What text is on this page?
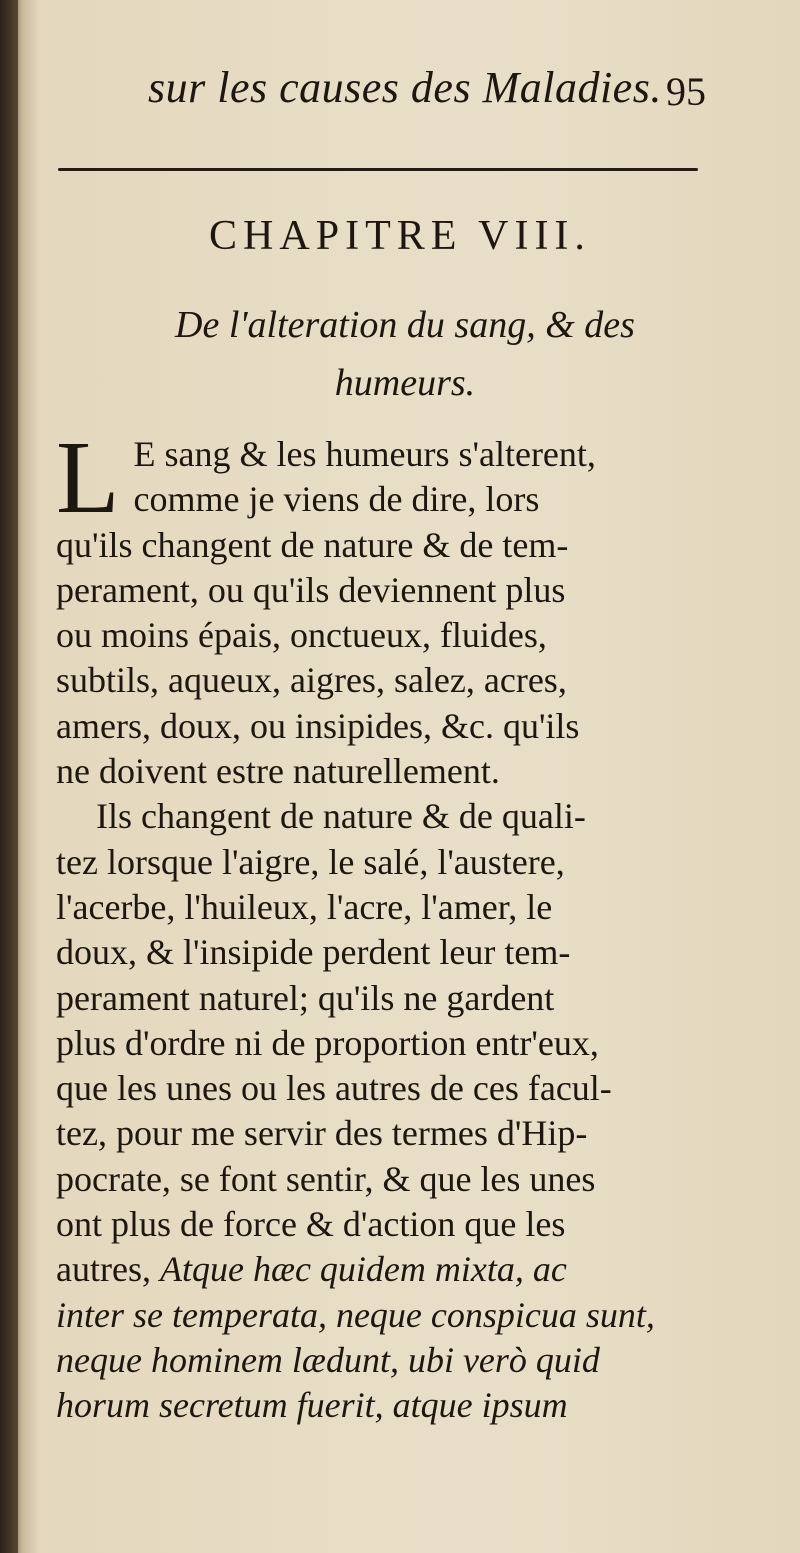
sur les causes des Maladies. 95
CHAPITRE VIII.
De l'alteration du sang, & des
humeurs.
L E sang & les humeurs s'alterent,
comme je viens de dire, lors
qu'ils changent de nature & de tem-
perament, ou qu'ils deviennent plus
ou moins épais, onctueux, fluides,
subtils, aqueux, aigres, salez, acres,
amers, doux, ou insipides, &c. qu'ils
ne doivent estre naturellement.
Ils changent de nature & de quali-
tez lorsque l'aigre, le salé, l'austere,
l'acerbe, l'huileux, l'acre, l'amer, le
doux, & l'insipide perdent leur tem-
perament naturel; qu'ils ne gardent
plus d'ordre ni de proportion entr'eux,
que les unes ou les autres de ces facul-
tez, pour me servir des termes d'Hip-
pocrate, se font sentir, & que les unes
ont plus de force & d'action que les
autres, Atque hæc quidem mixta, ac
inter se temperata, neque conspicua sunt,
neque hominem lædunt, ubi verò quid
horum secretum fuerit, atque ipsum
